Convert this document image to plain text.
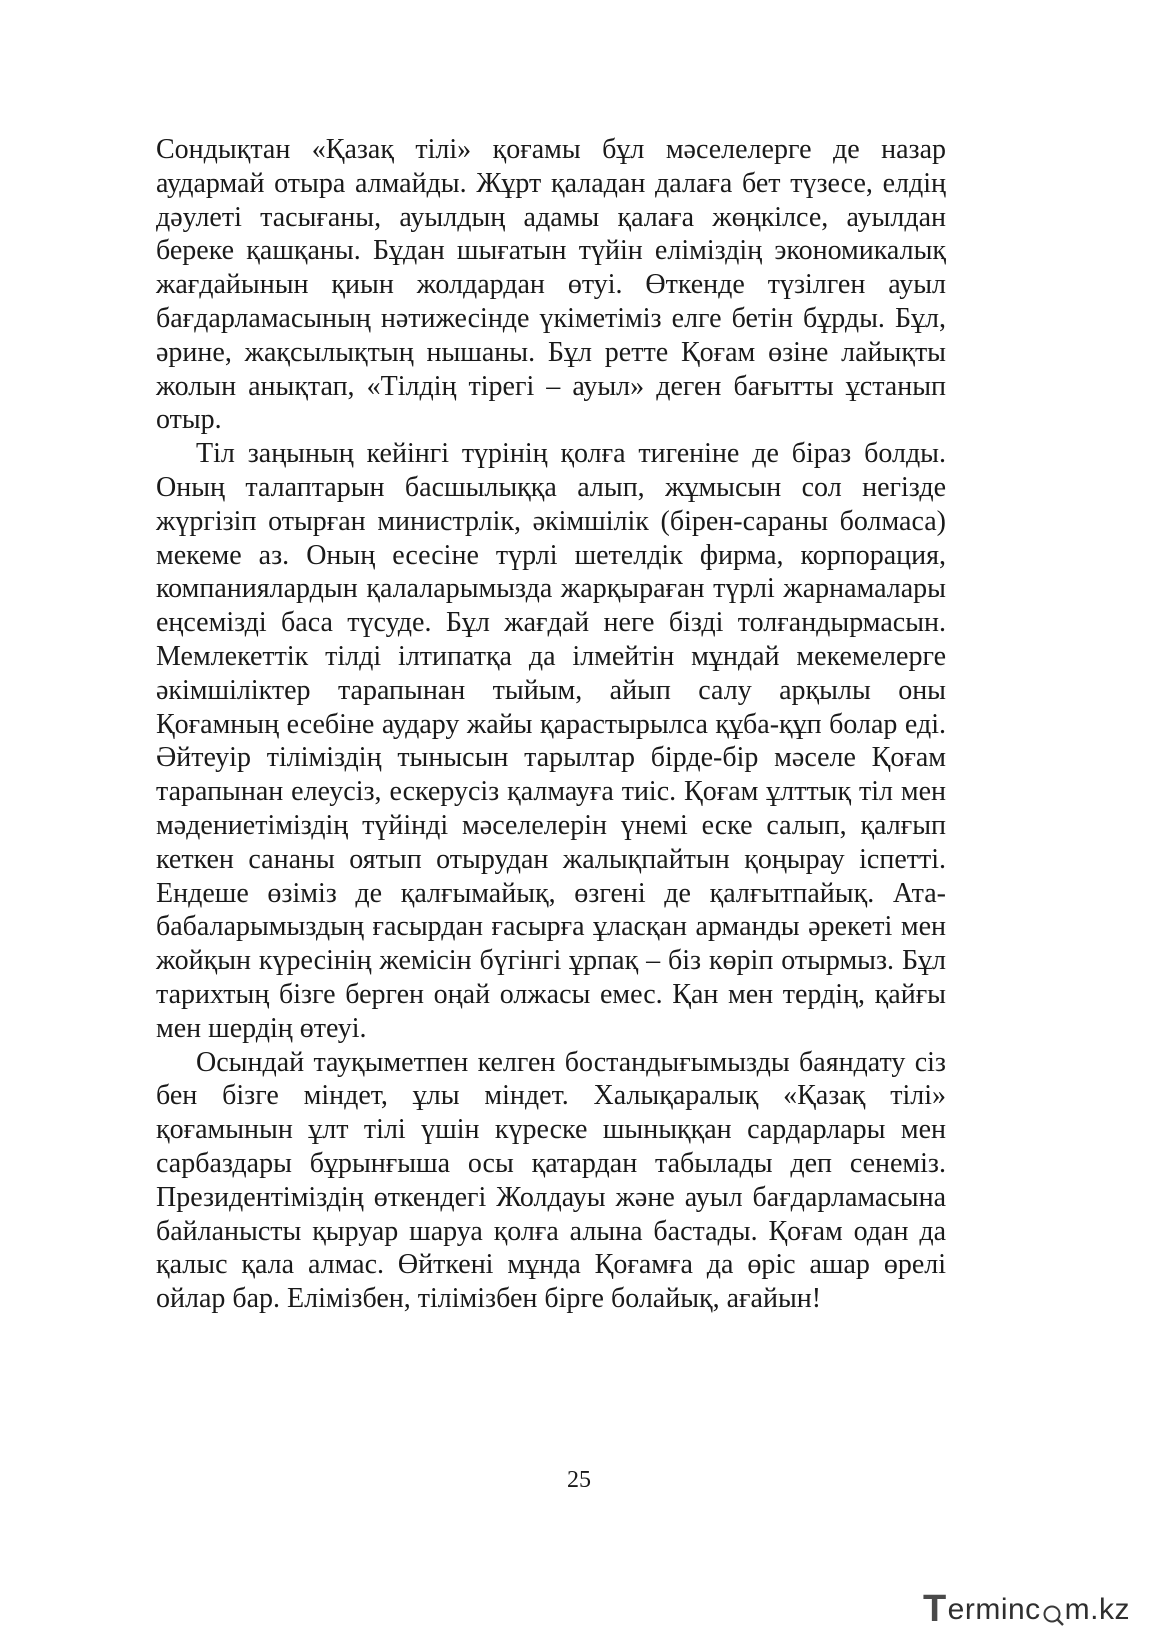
Сондықтан «Қазақ тілі» қоғамы бұл мәселелерге де назар аудармай отыра алмайды. Жұрт қаладан далаға бет түзесе, елдің дәулеті тасығаны, ауылдың адамы қалаға жөңкілсе, ауылдан береке қашқаны. Бұдан шығатын түйін еліміздің экономикалық жағдайынын қиын жолдардан өтуі. Өткенде түзілген ауыл бағдарламасының нәтижесінде үкіметіміз елге бетін бұрды. Бұл, әрине, жақсылықтың нышаны. Бұл ретте Қоғам өзіне лайықты жолын анықтап, «Тілдің тірегі – ауыл» деген бағытты ұстанып отыр.

Тіл заңының кейінгі түрінің қолға тигеніне де біраз болды. Оның талаптарын басшылыққа алып, жұмысын сол негізде жүргізіп отырған министрлік, әкімшілік (бірен-сараны болмаса) мекеме аз. Оның есесіне түрлі шетелдік фирма, корпорация, компаниялардын қалаларымызда жарқыраған түрлі жарнамалары еңсемізді баса түсуде. Бұл жағдай неге бізді толғандырмасын. Мемлекеттік тілді ілтипатқа да ілмейтін мұндай мекемелерге әкімшіліктер тарапынан тыйым, айып салу арқылы оны Қоғамның есебіне аудару жайы қарастырылса құба-құп болар еді. Әйтеуір тіліміздің тынысын тарылтар бірде-бір мәселе Қоғам тарапынан елеусіз, ескерусіз қалмауға тиіс. Қоғам ұлттық тіл мен мәдениетіміздің түйінді мәселелерін үнемі еске салып, қалғып кеткен сананы оятып отырудан жалықпайтын қоңырау іспетті. Ендеше өзіміз де қалғымайық, өзгені де қалғытпайық. Ата-бабаларымыздың ғасырдан ғасырға ұласқан арманды әрекеті мен жойқын күресінің жемісін бүгінгі ұрпақ – біз көріп отырмыз. Бұл тарихтың бізге берген оңай олжасы емес. Қан мен тердің, қайғы мен шердің өтеуі.

Осындай тауқыметпен келген бостандығымызды баяндату сіз бен бізге міндет, ұлы міндет. Халықаралық «Қазақ тілі» қоғамынын ұлт тілі үшін күреске шыныққан сардарлары мен сарбаздары бұрынғыша осы қатардан табылады деп сенеміз. Президентіміздің өткендегі Жолдауы және ауыл бағдарламасына байланысты қыруар шаруа қолға алына бастады. Қоғам одан да қалыс қала алмас. Өйткені мұнда Қоғамға да өріс ашар өрелі ойлар бар. Елімізбен, тілімізбен бірге болайық, ағайын!

25
T erminc m.kz
